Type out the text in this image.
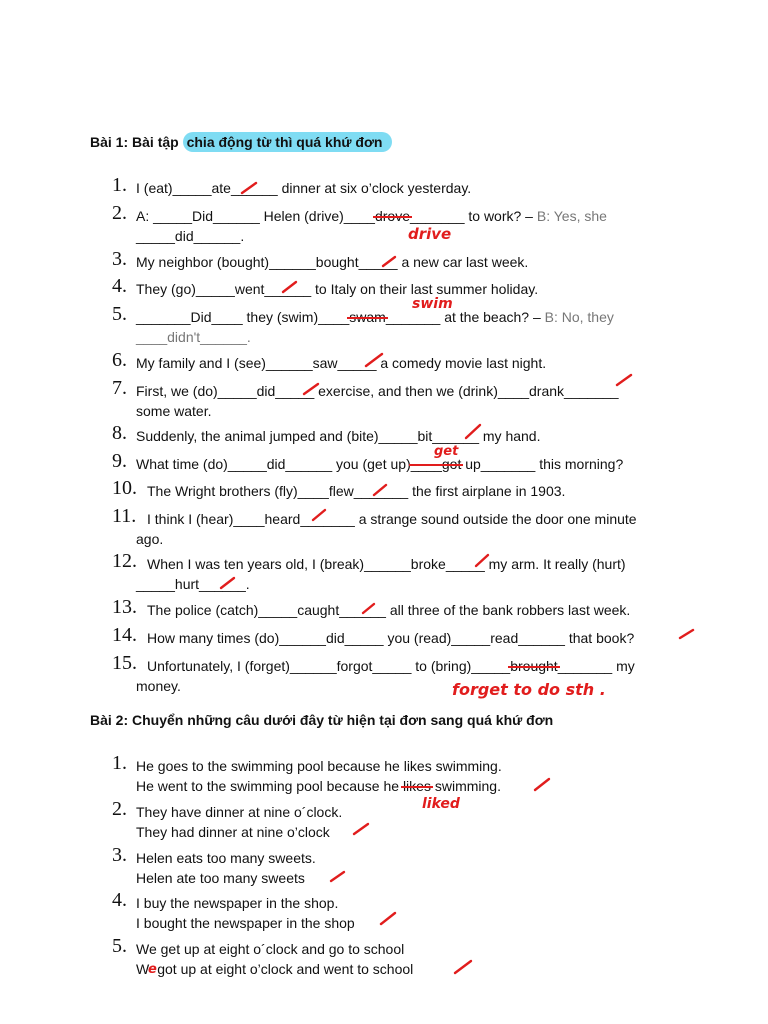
Bài 1: Bài tập chia động từ thì quá khứ đơn
1. I (eat)_____ate______ dinner at six o’clock yesterday.
2. A: _____Did______ Helen (drive)____drove_______ to work? – B: Yes, she
_____did______.
3. My neighbor (bought)______bought_____ a new car last week.
4. They (go)_____went______ to Italy on their last summer holiday.
5. _______Did____ they (swim)____swam_______ at the beach? – B: No, they
____didn't______.
6. My family and I (see)______saw_____ a comedy movie last night.
7. First, we (do)_____did_____ exercise, and then we (drink)____drank_______
some water.
8. Suddenly, the animal jumped and (bite)_____bit______ my hand.
9. What time (do)_____did______ you (get up)____got up_______ this morning?
10. The Wright brothers (fly)____flew_______ the first airplane in 1903.
11. I think I (hear)____heard_______ a strange sound outside the door one minute
ago.
12. When I was ten years old, I (break)______broke_____ my arm. It really (hurt)
_____hurt______.
13. The police (catch)_____caught______ all three of the bank robbers last week.
14. How many times (do)______did_____ you (read)_____read______ that book?
15. Unfortunately, I (forget)______forgot_____ to (bring)_____brought_______ my
money.
Bài 2: Chuyển những câu dưới đây từ hiện tại đơn sang quá khứ đơn
1. He goes to the swimming pool because he likes swimming.
He went to the swimming pool because he likes swimming.
2. They have dinner at nine o´clock.
They had dinner at nine o’clock
3. Helen eats too many sweets.
Helen ate too many sweets
4. I buy the newspaper in the shop.
I bought the newspaper in the shop
5. We get up at eight o´clock and go to school
W got up at eight o’clock and went to school
drive
swim
get
forget to do sth .
liked
e
